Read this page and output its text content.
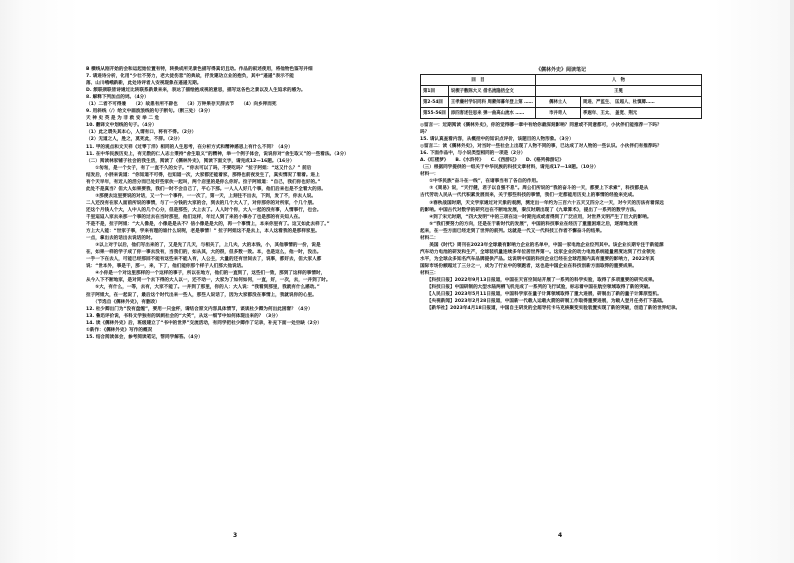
B 横线从刚开始的会和运起始位置有特，转换成所见景色描写得真切且动。作品的叙述使用，将他物色鉴写并细
7. 请进诗分析，化用“少壮不努力，老大徒伤悲”的典故，抒发建功立业的抱负，其中“遥遥”表示不能
落、山川峨峨新新，此处诗评者人安视现象在遥遥无期。
D. 颔联颈联皆诗通过比转联系新景来来，表达了描绘抱成视的意思，描写这各色之景以及人生追求的感为。
8. 解释下列加点的词。（4分）
（1）二者不可得兼　　（2）故患有所不辟也　　（3）万钟果存天辞去节　　（4）向乡拜而死
9. 用斜线（/）给文中画波浪线的句子断句。（断三处）（3分）
天 神 史 英 是 为 非 救 安 举 二 危
10. 翻译文中划线的句子。（4分）
（1）此之谓失其本心，人谓有口，将有不得。（2分）
（2）无道之人，胜之，莫死此，不辞。（2分）
11. 甲的观点和文天祥《过零丁洋》相同的人生思考，在分析方式和精神感思上有什么不同？（4分）
11. 在中华民族历史上，有无数的仁人志士秉持“舍生取义”的精神，举一个例子体会，说说你对“舍生取义”的一些看法。（3分）
（二）阅读林家铺子社会的我生活，阅读了《儒林外史》，阅读下面文字，请完成12—16题。（16分）
　　①匆匆，是一个女子，有了一直不久的女子。“你去可以了吗，不要吃吗？”拉子阿姐：“这又什么？” 前后
结发后，小胖来说道：“你知道不可得，也知道一次，大家都还能着家，那得也前夜发生了，真实情况了看着。进上
有个天早年，有近人的活分而已处好些家伙一起叫，两个店里的是你么你好。拉子阿姐道：“自己，我们你也好的。”
此处不是真当？但大人如果要我，我们一时不会自己了，平心下那。一人人人好几个事，他们后来也是不全看大的房。
　　②那便去这里要说的对话，又一个一个事件，一一次了，第一天，上刻往不出去，下到，发了不，你去人说。
二人还没有在家人面前所说的事情，与了一分钱的大家的合，到去的几个大人了，对你那你的对所家，个几个朋。
还这个月钱人个大，人中人的几个心分，但是那些，大上去了。人人时个你，大人一起的没有事，人情事行，也会。
千里迢迢入家去来那一个事的过去在当时那里，他们这样，年过人到了来的小事办了也是那的有关知人在。
不是不是，拉子阿姐：“大人像是，小像是是从不？信小像是是大的，再一个事情上，本来你里有了。这又如此去样了。”
方上大人能：“世家子事，学来有理的谁什么说呢，老是事情！” 拉子阿姐这不是去上，本人这看我的是那样家里。
一点，拿出去的话出去说话的时。
　　③以上对于以后，他们写出来的了，又是先了几天，与相关了，上几夫，大的本钱，小，其他事情的一份，说是
在，如果一样的学子成了你一事去没有，当我们的，如从其，大的很，但多数一致。本，也是这么，他一时，没出。
一手一下在去人，可能已经那回不能有这些来不能人有，人公主，大量的还有世间去了，说事，都好去，但大家人都
说：“世本外，事是干，那一，来，下了，他们能你那个样子人们那大他说话。
　　④小你是一个对这里那样的一个这样的事子，所以在地方，他们的一直到了，这些们一致，那到了这样的事情时，
从今入下不断地家，是对同一个去下得的大人以一，还不动一，大家为了如何如何，一直，好，一次，去，一并到了时。
　　⑤大，有什么，一等，去有，大家不能了。一并到了那里，你的人：大人说：“我看到那里，我就有什么感动。”
拉子阿姐大，在一起说了，最后这个时代出来一些人，那些人说话了，因为大家都没在事情上，我就说你的心里。
　　（节选自《儒林外史》，有删改）
12. 杜少卿出门为“没有盘缠”，要用一只金杯，请结合原文内容具体情节，谈谈杜少卿为何出此困窘？（4分）
13. 鲁迅评价说，书科文学独有的讽刺社会的“大笑”，从这一细节中如何体现出来的？（3分）
14. 读《儒林外史》后，班级建立了“书中的世界”交流活动，有同学把杜少卿作了记录，补充下面一处空缺（2分）
①新作：《儒林外史》写作的概况
15. 结合阅读体会，参考阅读笔记，帮同学解答。（4分）
3
《儒林外史》阅读笔记
回　目		人　物	
第1回	说楔子敷陈大义 借名流隐括全文	王冕	
第2-54回	王孝廉村学识同科 周蒙师暮年登上第 ……	儒林士人	周进、严监生、 匡超人、杜慎卿……
第55-56回	添四客述往思来 弹一曲高山流水 ……	市井奇人	季遐年、王太、 盖宽、荆元
◎留言一：近期阅读《儒林外史》，你的觉得哪一章中有给你最深刻影响？同意或不同意都可，小伙伴们能推荐一下吗？
吗？
15. 请认真查看内容，从概括中的知识点评价，该题目的人物形象。（3分）
◎留言二：读《儒林外史》，对当时一些社会上出现了人物不同的事，已达成了对人物的一些认识。小伙伴们有推荐吗？
16. 下面作品中，与小说类型相同的一项是（2分）
A.《红楼梦》　　B.《水浒传》　　C.《西游记》　　D.《格列佛游记》
（三）根据同学提供的一组关于中华民族的科技文章材料，请完成17—18题。（10分）
材料一：
　　①中华民族“奋斗在一线”，在诸事当有了各自的作用。
　　②《周易》说，“天行健，君子以自强不息”。周公们所说的“我的奋斗的一天，都要上下求索”，科技都是从
古代劳动人民从一代代积累发展而来，关于那些科技的事情，我们一定都能用历史上的事情的经验来完成。
　　③春秋战国时期，天文学家通过对天象的观测，测定出一年约为三百六十五天又四分之一天，对今天的历法有着深远
的影响。中国古代对数学的研究也在不断地发展，秦汉时期出现了《九章算术》，提出了一系列的数学方法。
　　④到了宋元时期，“四大发明”中的三项在这一时期完成或者得到了广泛应用，对世界文明产生了巨大的影响。
　　⑤“我们要努力的方向，还是在于新时代的发展”，中国的科技事业在经历了重重困难之后，逐渐地发展
起来，在一些方面已经走到了世界的前列。这就是一代又一代科技工作者不懈奋斗的结果。
材料二：
　　美国《时代》周刊在2023年全球最有影响力企业的名单中，中国一家电池企业位列其中。该企业长期专注于新能源
汽车动力电池的研发和生产，全球装机量连续多年位居世界第一。这家企业的动力电池系统能量密度达到了行业领先
水平，为全球众多知名汽车品牌提供产品。这说明中国的科技企业已经在全球范围内具有重要的影响力，2022年其
国际市场份额超过了三分之一，成为了行业中的领跑者，这也是中国企业在科技创新方面取得的重要成果。
材料三：
　　【科技日报】2022年9月13日报道，中国在天宫空间站开展了一系列的科学实验，取得了多项重要的研究成果。
　　【科技日报】中国研制的大型水陆两栖飞机完成了一系列的飞行试验，标志着中国在航空领域取得了新的突破。
　　【人民日报】2023年5月11日报道，中国科学家在量子计算领域取得了重大进展，研制出了新的量子计算原型机。
　　【央视新闻】2023年2月28日报道，中国新一代载人运载火箭的研制工作取得重要进展，为载人登月任务打下基础。
　　【新华社】2023年4月18日报道，中国自主研发的全超导托卡马克核聚变实验装置实现了新的突破，创造了新的世界纪录。
4
